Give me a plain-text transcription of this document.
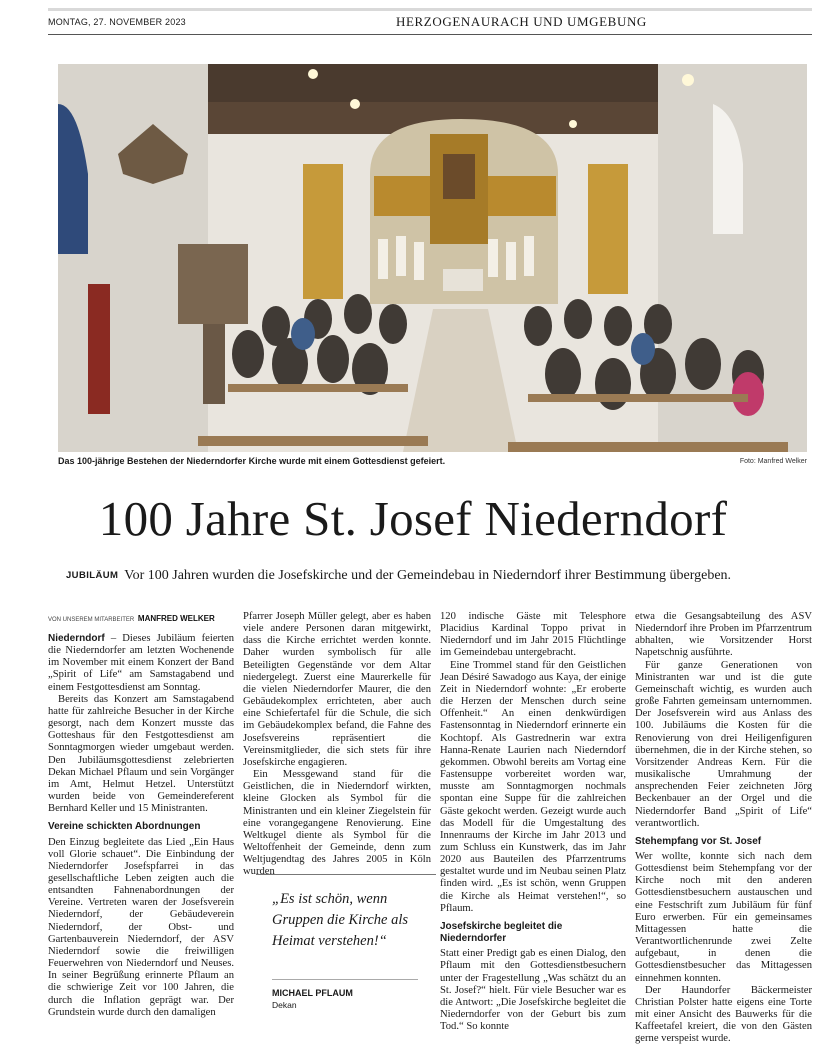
MONTAG, 27. NOVEMBER 2023	HERZOGENAURACH UND UMGEBUNG
Das 100-jährige Bestehen der Niederndorfer Kirche wurde mit einem Gottesdienst gefeiert.	Foto: Manfred Welker
100 Jahre St. Josef Niederndorf
JUBILÄUM Vor 100 Jahren wurden die Josefskirche und der Gemeindebau in Niederndorf ihrer Bestimmung übergeben.
VON UNSEREM MITARBEITER MANFRED WELKER

Niederndorf – Dieses Jubiläum feierten die Niederndorfer am letzten Wochenende im November mit einem Konzert der Band „Spirit of Life“ am Samstagabend und einem Festgottesdienst am Sonntag.

Bereits das Konzert am Samstagabend hatte für zahlreiche Besucher in der Kirche gesorgt, nach dem Konzert musste das Gotteshaus für den Festgottesdienst am Sonntagmorgen wieder umgebaut werden. Den Jubiläumsgottesdienst zelebrierten Dekan Michael Pflaum und sein Vorgänger im Amt, Helmut Hetzel. Unterstützt wurden beide von Gemeindereferent Bernhard Keller und 15 Ministranten.

Vereine schickten Abordnungen

Den Einzug begleitete das Lied „Ein Haus voll Glorie schauet“. Die Einbindung der Niederndorfer Josefspfarrei in das gesellschaftliche Leben zeigten auch die entsandten Fahnenabordnungen der Vereine. Vertreten waren der Josefsverein Niederndorf, der Gebäudeverein Niederndorf, der Obst- und Gartenbauverein Niederndorf, der ASV Niederndorf sowie die freiwilligen Feuerwehren von Niederndorf und Neuses. In seiner Begrüßung erinnerte Pflaum an die schwierige Zeit vor 100 Jahren, die durch die Inflation geprägt war. Der Grundstein wurde durch den damaligen

Pfarrer Joseph Müller gelegt, aber es haben viele andere Personen daran mitgewirkt, dass die Kirche errichtet werden konnte. Daher wurden symbolisch für alle Beteiligten Gegenstände vor dem Altar niedergelegt. Zuerst eine Maurerkelle für die vielen Niederndorfer Maurer, die den Gebäudekomplex errichteten, aber auch eine Schiefertafel für die Schule, die sich im Gebäudekomplex befand, die Fahne des Josefsvereins repräsentiert die Vereinsmitglieder, die sich stets für ihre Josefskirche engagieren.

Ein Messgewand stand für die Geistlichen, die in Niederndorf wirkten, kleine Glocken als Symbol für die Ministranten und ein kleiner Ziegelstein für eine vorangegangene Renovierung. Eine Weltkugel diente als Symbol für die Weltoffenheit der Gemeinde, denn zum Weltjugendtag des Jahres 2005 in Köln wurden

„Es ist schön, wenn Gruppen die Kirche als Heimat verstehen!“
MICHAEL PFLAUM
Dekan

120 indische Gäste mit Telesphore Placidius Kardinal Toppo privat in Niederndorf und im Jahr 2015 Flüchtlinge im Gemeindebau untergebracht.

Eine Trommel stand für den Geistlichen Jean Désiré Sawadogo aus Kaya, der einige Zeit in Niederndorf wohnte: „Er eroberte die Herzen der Menschen durch seine Offenheit.“ An einen denkwürdigen Fastensonntag in Niederndorf erinnerte ein Kochtopf. Als Gastrednerin war extra Hanna-Renate Laurien nach Niederndorf gekommen. Obwohl bereits am Vortag eine Fastensuppe vorbereitet worden war, musste am Sonntagmorgen nochmals spontan eine Suppe für die zahlreichen Gäste gekocht werden. Gezeigt wurde auch das Modell für die Umgestaltung des Innenraums der Kirche im Jahr 2013 und zum Schluss ein Kunstwerk, das im Jahr 2020 aus Bauteilen des Pfarrzentrums gestaltet wurde und im Neubau seinen Platz finden wird. „Es ist schön, wenn Gruppen die Kirche als Heimat verstehen!“, so Pflaum.

Josefskirche begleitet die Niederndorfer

Statt einer Predigt gab es einen Dialog, den Pflaum mit den Gottesdienstbesuchern unter der Fragestellung „Was schätzt du an St. Josef?“ hielt. Für viele Besucher war es die Antwort: „Die Josefskirche begleitet die Niederndorfer von der Geburt bis zum Tod.“ So konnte

etwa die Gesangsabteilung des ASV Niederndorf ihre Proben im Pfarrzentrum abhalten, wie Vorsitzender Horst Napetschnig ausführte.

Für ganze Generationen von Ministranten war und ist die gute Gemeinschaft wichtig, es wurden auch große Fahrten gemeinsam unternommen. Der Josefsverein wird aus Anlass des 100. Jubiläums die Kosten für die Renovierung von drei Heiligenfiguren übernehmen, die in der Kirche stehen, so Vorsitzender Andreas Kern. Für die musikalische Umrahmung der ansprechenden Feier zeichneten Jörg Beckenbauer an der Orgel und die Niederndorfer Band „Spirit of Life“ verantwortlich.

Stehempfang vor St. Josef

Wer wollte, konnte sich nach dem Gottesdienst beim Stehempfang vor der Kirche noch mit den anderen Gottesdienstbesuchern austauschen und eine Festschrift zum Jubiläum für fünf Euro erwerben. Für ein gemeinsames Mittagessen hatte die Verantwortlichenrunde zwei Zelte aufgebaut, in denen die Gottesdienstbesucher das Mittagessen einnehmen konnten.

Der Haundorfer Bäckermeister Christian Polster hatte eigens eine Torte mit einer Ansicht des Bauwerks für die Kaffeetafel kreiert, die von den Gästen gerne verspeist wurde.
